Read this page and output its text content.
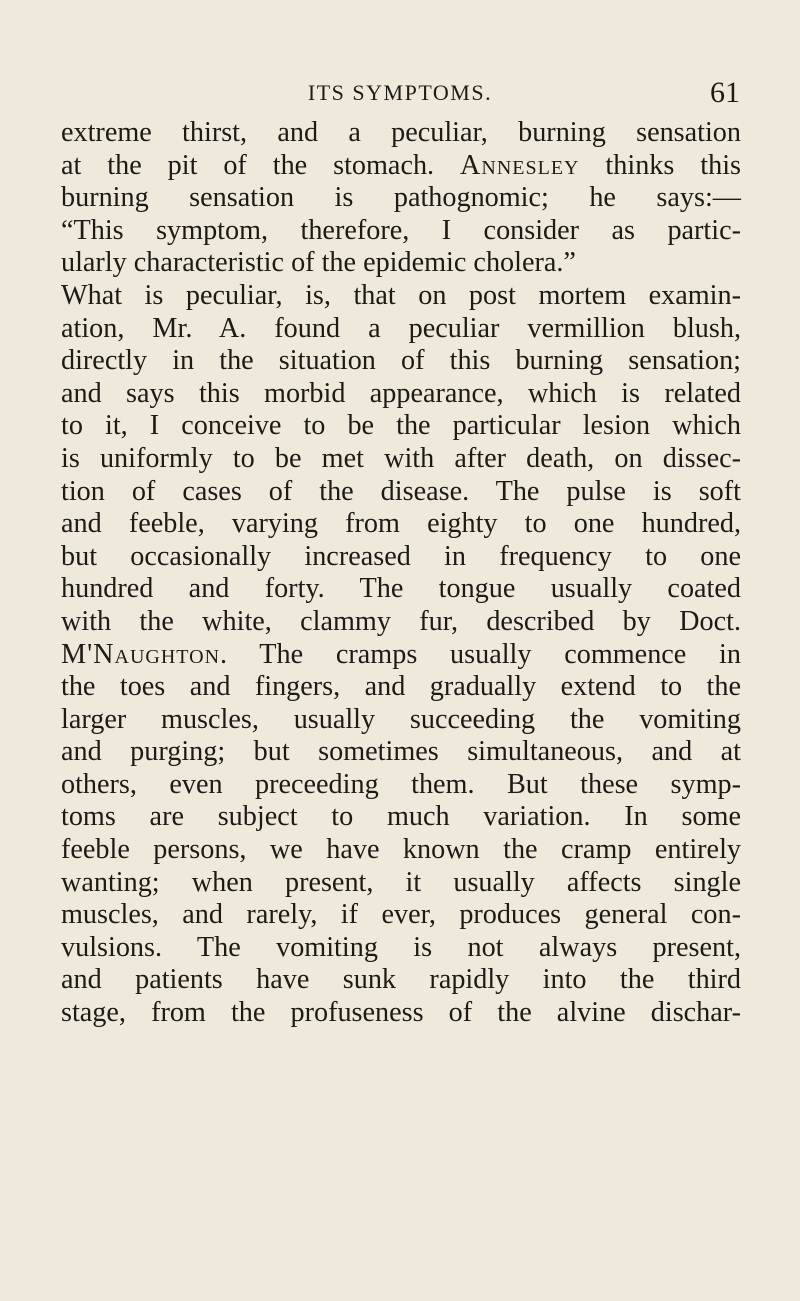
ITS SYMPTOMS.	61
extreme thirst, and a peculiar, burning sensation
at the pit of the stomach. Annesley thinks this
burning sensation is pathognomic; he says:—
“This symptom, therefore, I consider as partic-
ularly characteristic of the epidemic cholera.”
What is peculiar, is, that on post mortem examin-
ation, Mr. A. found a peculiar vermillion blush,
directly in the situation of this burning sensation;
and says this morbid appearance, which is related
to it, I conceive to be the particular lesion which
is uniformly to be met with after death, on dissec-
tion of cases of the disease. The pulse is soft
and feeble, varying from eighty to one hundred,
but occasionally increased in frequency to one
hundred and forty. The tongue usually coated
with the white, clammy fur, described by Doct.
M'Naughton. The cramps usually commence in
the toes and fingers, and gradually extend to the
larger muscles, usually succeeding the vomiting
and purging; but sometimes simultaneous, and at
others, even preceeding them. But these symp-
toms are subject to much variation. In some
feeble persons, we have known the cramp entirely
wanting; when present, it usually affects single
muscles, and rarely, if ever, produces general con-
vulsions. The vomiting is not always present,
and patients have sunk rapidly into the third
stage, from the profuseness of the alvine dischar-
